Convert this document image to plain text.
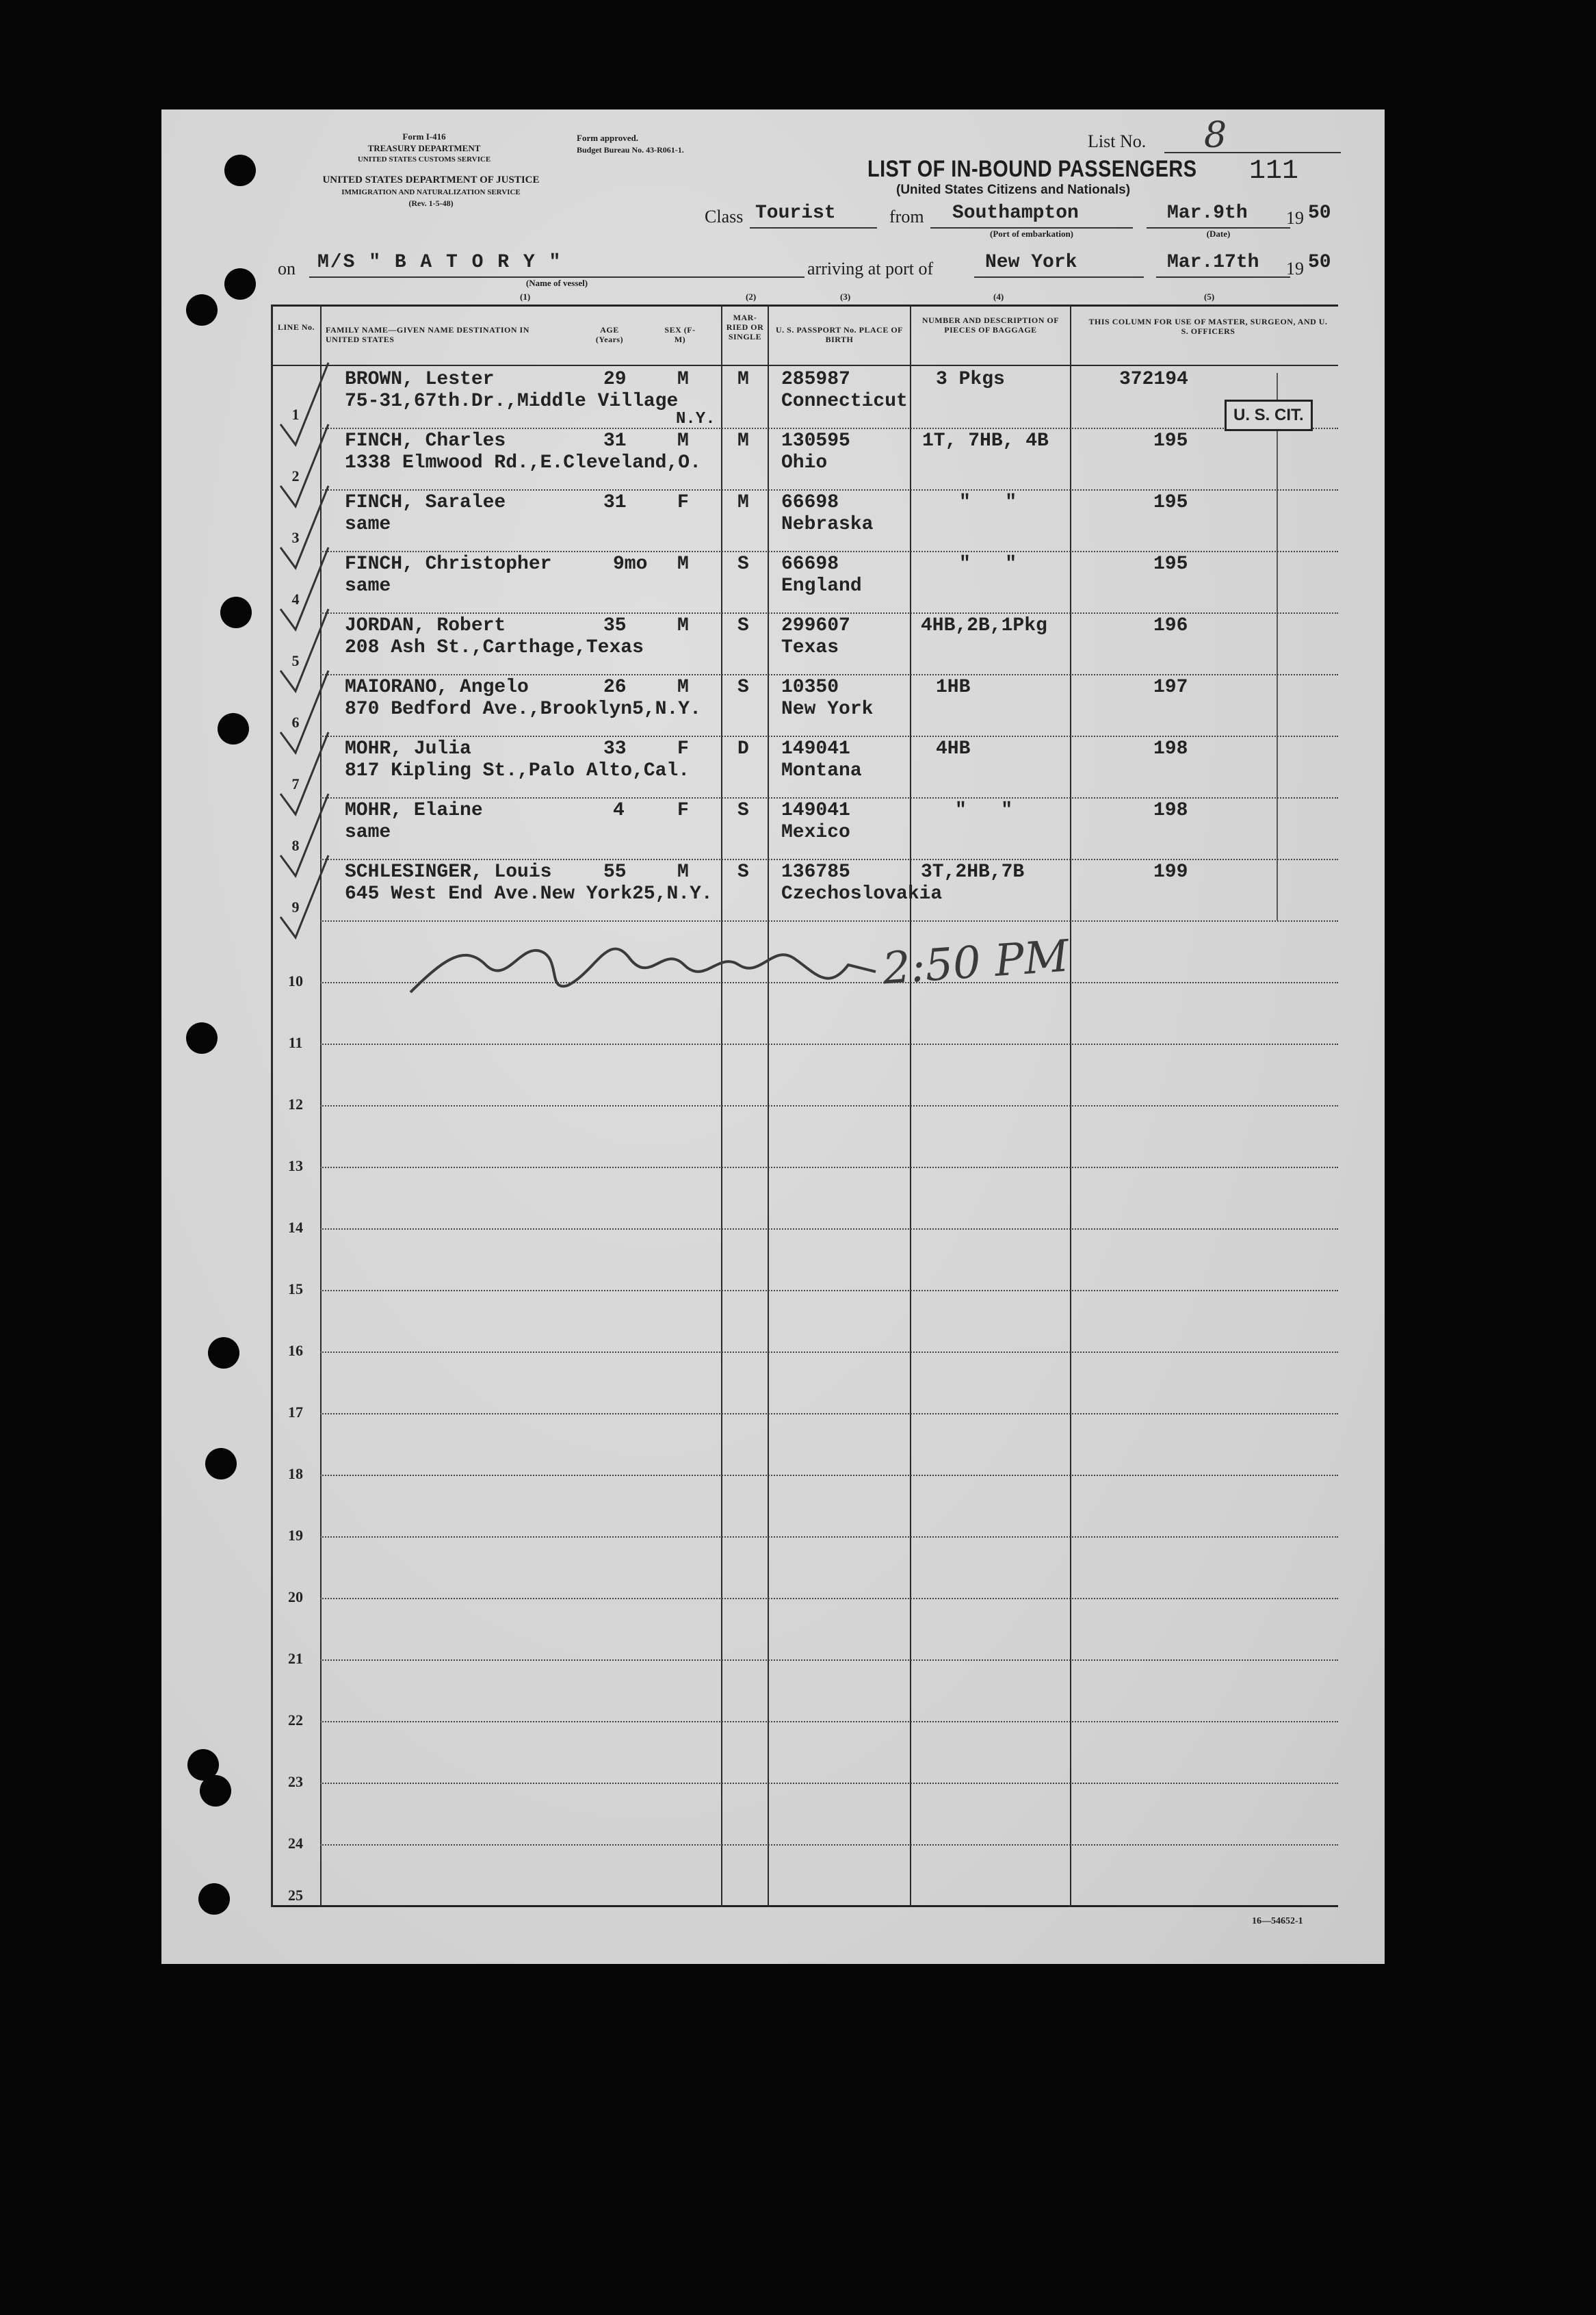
Form I-416
TREASURY DEPARTMENT
UNITED STATES CUSTOMS SERVICE
UNITED STATES DEPARTMENT OF JUSTICE
IMMIGRATION AND NATURALIZATION SERVICE
(Rev. 1-5-48)
Form approved.
Budget Bureau No. 43-R061-1.
LIST OF IN-BOUND PASSENGERS
(United States Citizens and Nationals)
List No. 8
111
Class Tourist	from Southampton
(Port of embarkation)
Mar.9th
(Date)
19 50
on M/S " B A T O R Y "
(Name of vessel)
arriving at port of	New York	Mar.17th 19 50
(1)	(2)	(3)	(4)	(5)
LINE No.	FAMILY NAME—GIVEN NAME DESTINATION IN UNITED STATES
AGE (Years)
SEX (F-M)
MAR-RIED OR SINGLE
U. S. PASSPORT No. PLACE OF BIRTH
NUMBER AND DESCRIPTION OF PIECES OF BAGGAGE
THIS COLUMN FOR USE OF MASTER, SURGEON, AND U. S. OFFICERS
1
BROWN, Lester
75-31,67th.Dr.,Middle Village
N.Y.
29	M	M 285987
Connecticut
3 Pkgs	372194
2
FINCH, Charles
1338 Elmwood Rd.,E.Cleveland,O.
31	M	M 130595
Ohio
1T, 7HB, 4B	195
3
FINCH, Saralee
same
31	F	M 66698
Nebraska
"   "	195
4
FINCH, Christopher
same
9mo M	S 66698
England
"   "	195
5
JORDAN, Robert
208 Ash St.,Carthage,Texas
35	M	S 299607
Texas
4HB,2B,1Pkg	196
6
MAIORANO, Angelo
870 Bedford Ave.,Brooklyn5,N.Y.
26	M	S 10350
New York
1HB	197
7
MOHR, Julia
817 Kipling St.,Palo Alto,Cal.
33	F	D 149041
Montana
4HB	198
8
MOHR, Elaine
same
4	F	S 149041
Mexico
"   "	198
9
SCHLESINGER, Louis
645 West End Ave.New York25,N.Y.
55	M	S 136785
Czechoslovakia
3T,2HB,7B	199
10
11
12
13
14
15
16
17
18
19
20
21
22
23
24
25
U. S. CIT.
2:50 PM
16—54652-1
